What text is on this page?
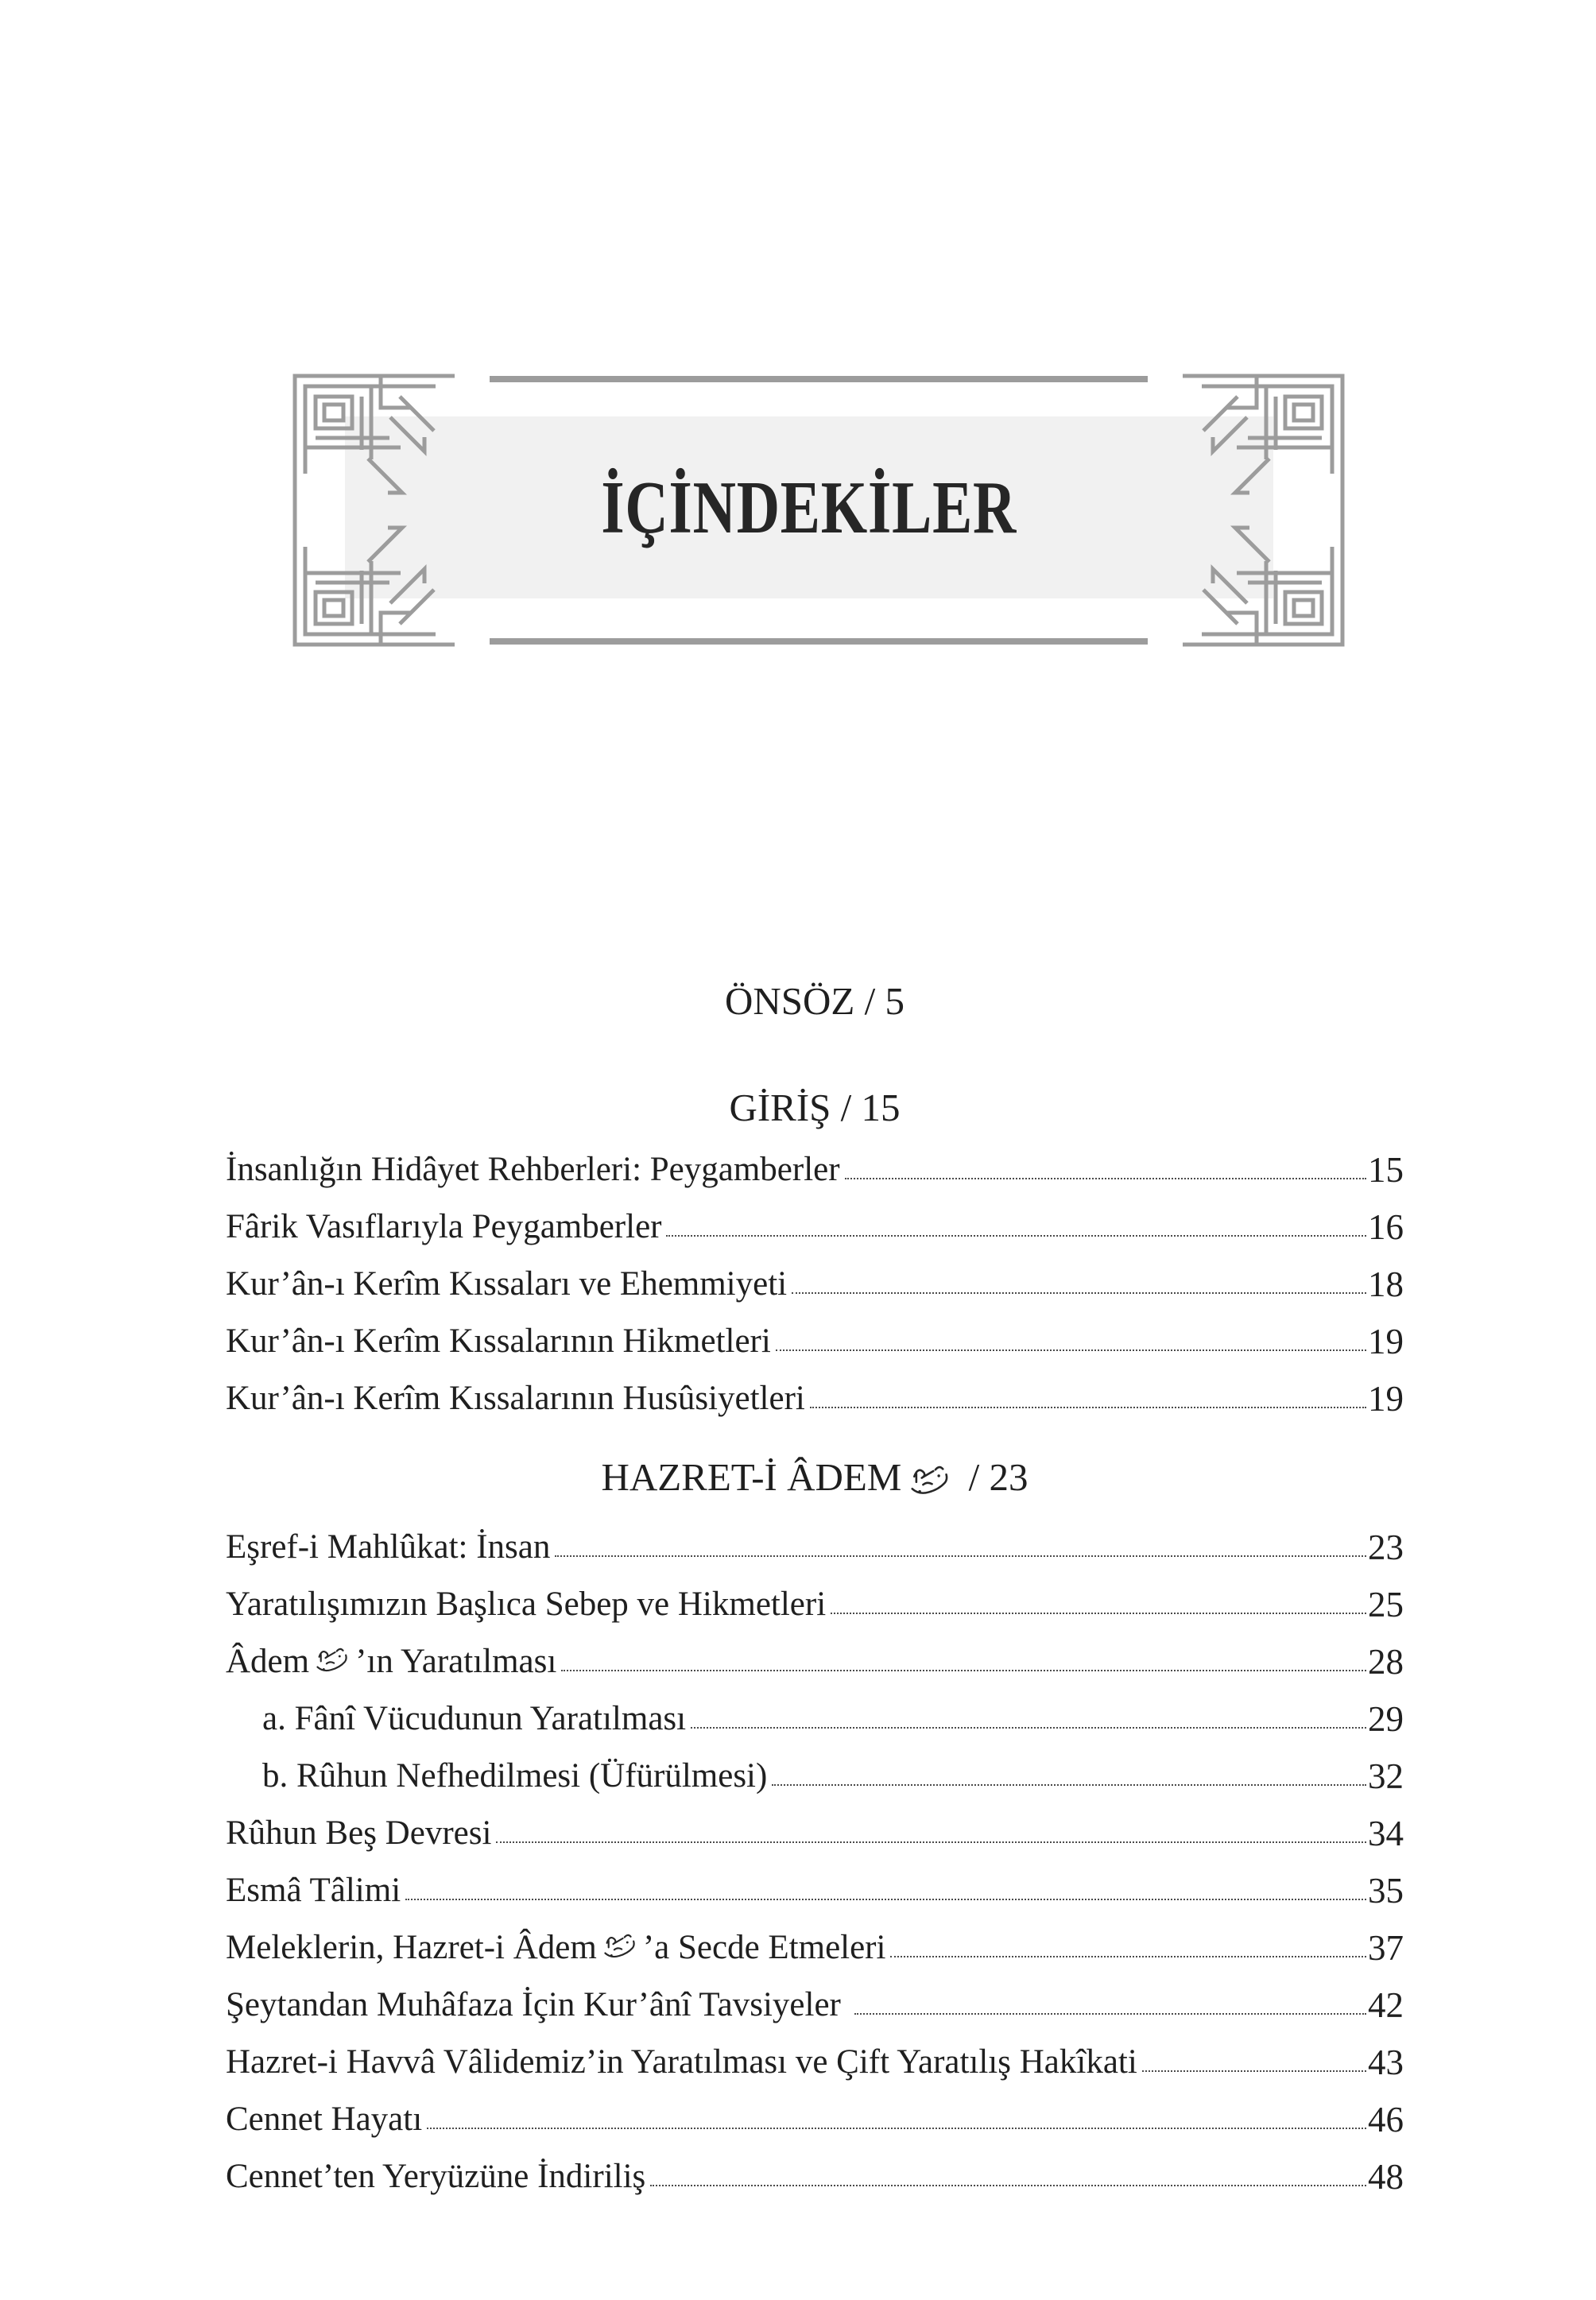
İÇİNDEKİLER
ÖNSÖZ / 5
GİRİŞ / 15
İnsanlığın Hidâyet Rehberleri: Peygamberler	15
Fârik Vasıflarıyla Peygamberler	16
Kur’ân-ı Kerîm Kıssaları ve Ehemmiyeti	18
Kur’ân-ı Kerîm Kıssalarının Hikmetleri	19
Kur’ân-ı Kerîm Kıssalarının Husûsiyetleri	19
HAZRET-İ ÂDEM / 23
Eşref-i Mahlûkat: İnsan	23
Yaratılışımızın Başlıca Sebep ve Hikmetleri	25
Âdem ’ın Yaratılması	28
a. Fânî Vücudunun Yaratılması	29
b. Rûhun Nefhedilmesi (Üfürülmesi)	32
Rûhun Beş Devresi	34
Esmâ Tâlimi	35
Meleklerin, Hazret-i Âdem ’a Secde Etmeleri	37
Şeytandan Muhâfaza İçin Kur’ânî Tavsiyeler	42
Hazret-i Havvâ Vâlidemiz’in Yaratılması ve Çift Yaratılış Hakîkati	43
Cennet Hayatı	46
Cennet’ten Yeryüzüne İndiriliş	48
